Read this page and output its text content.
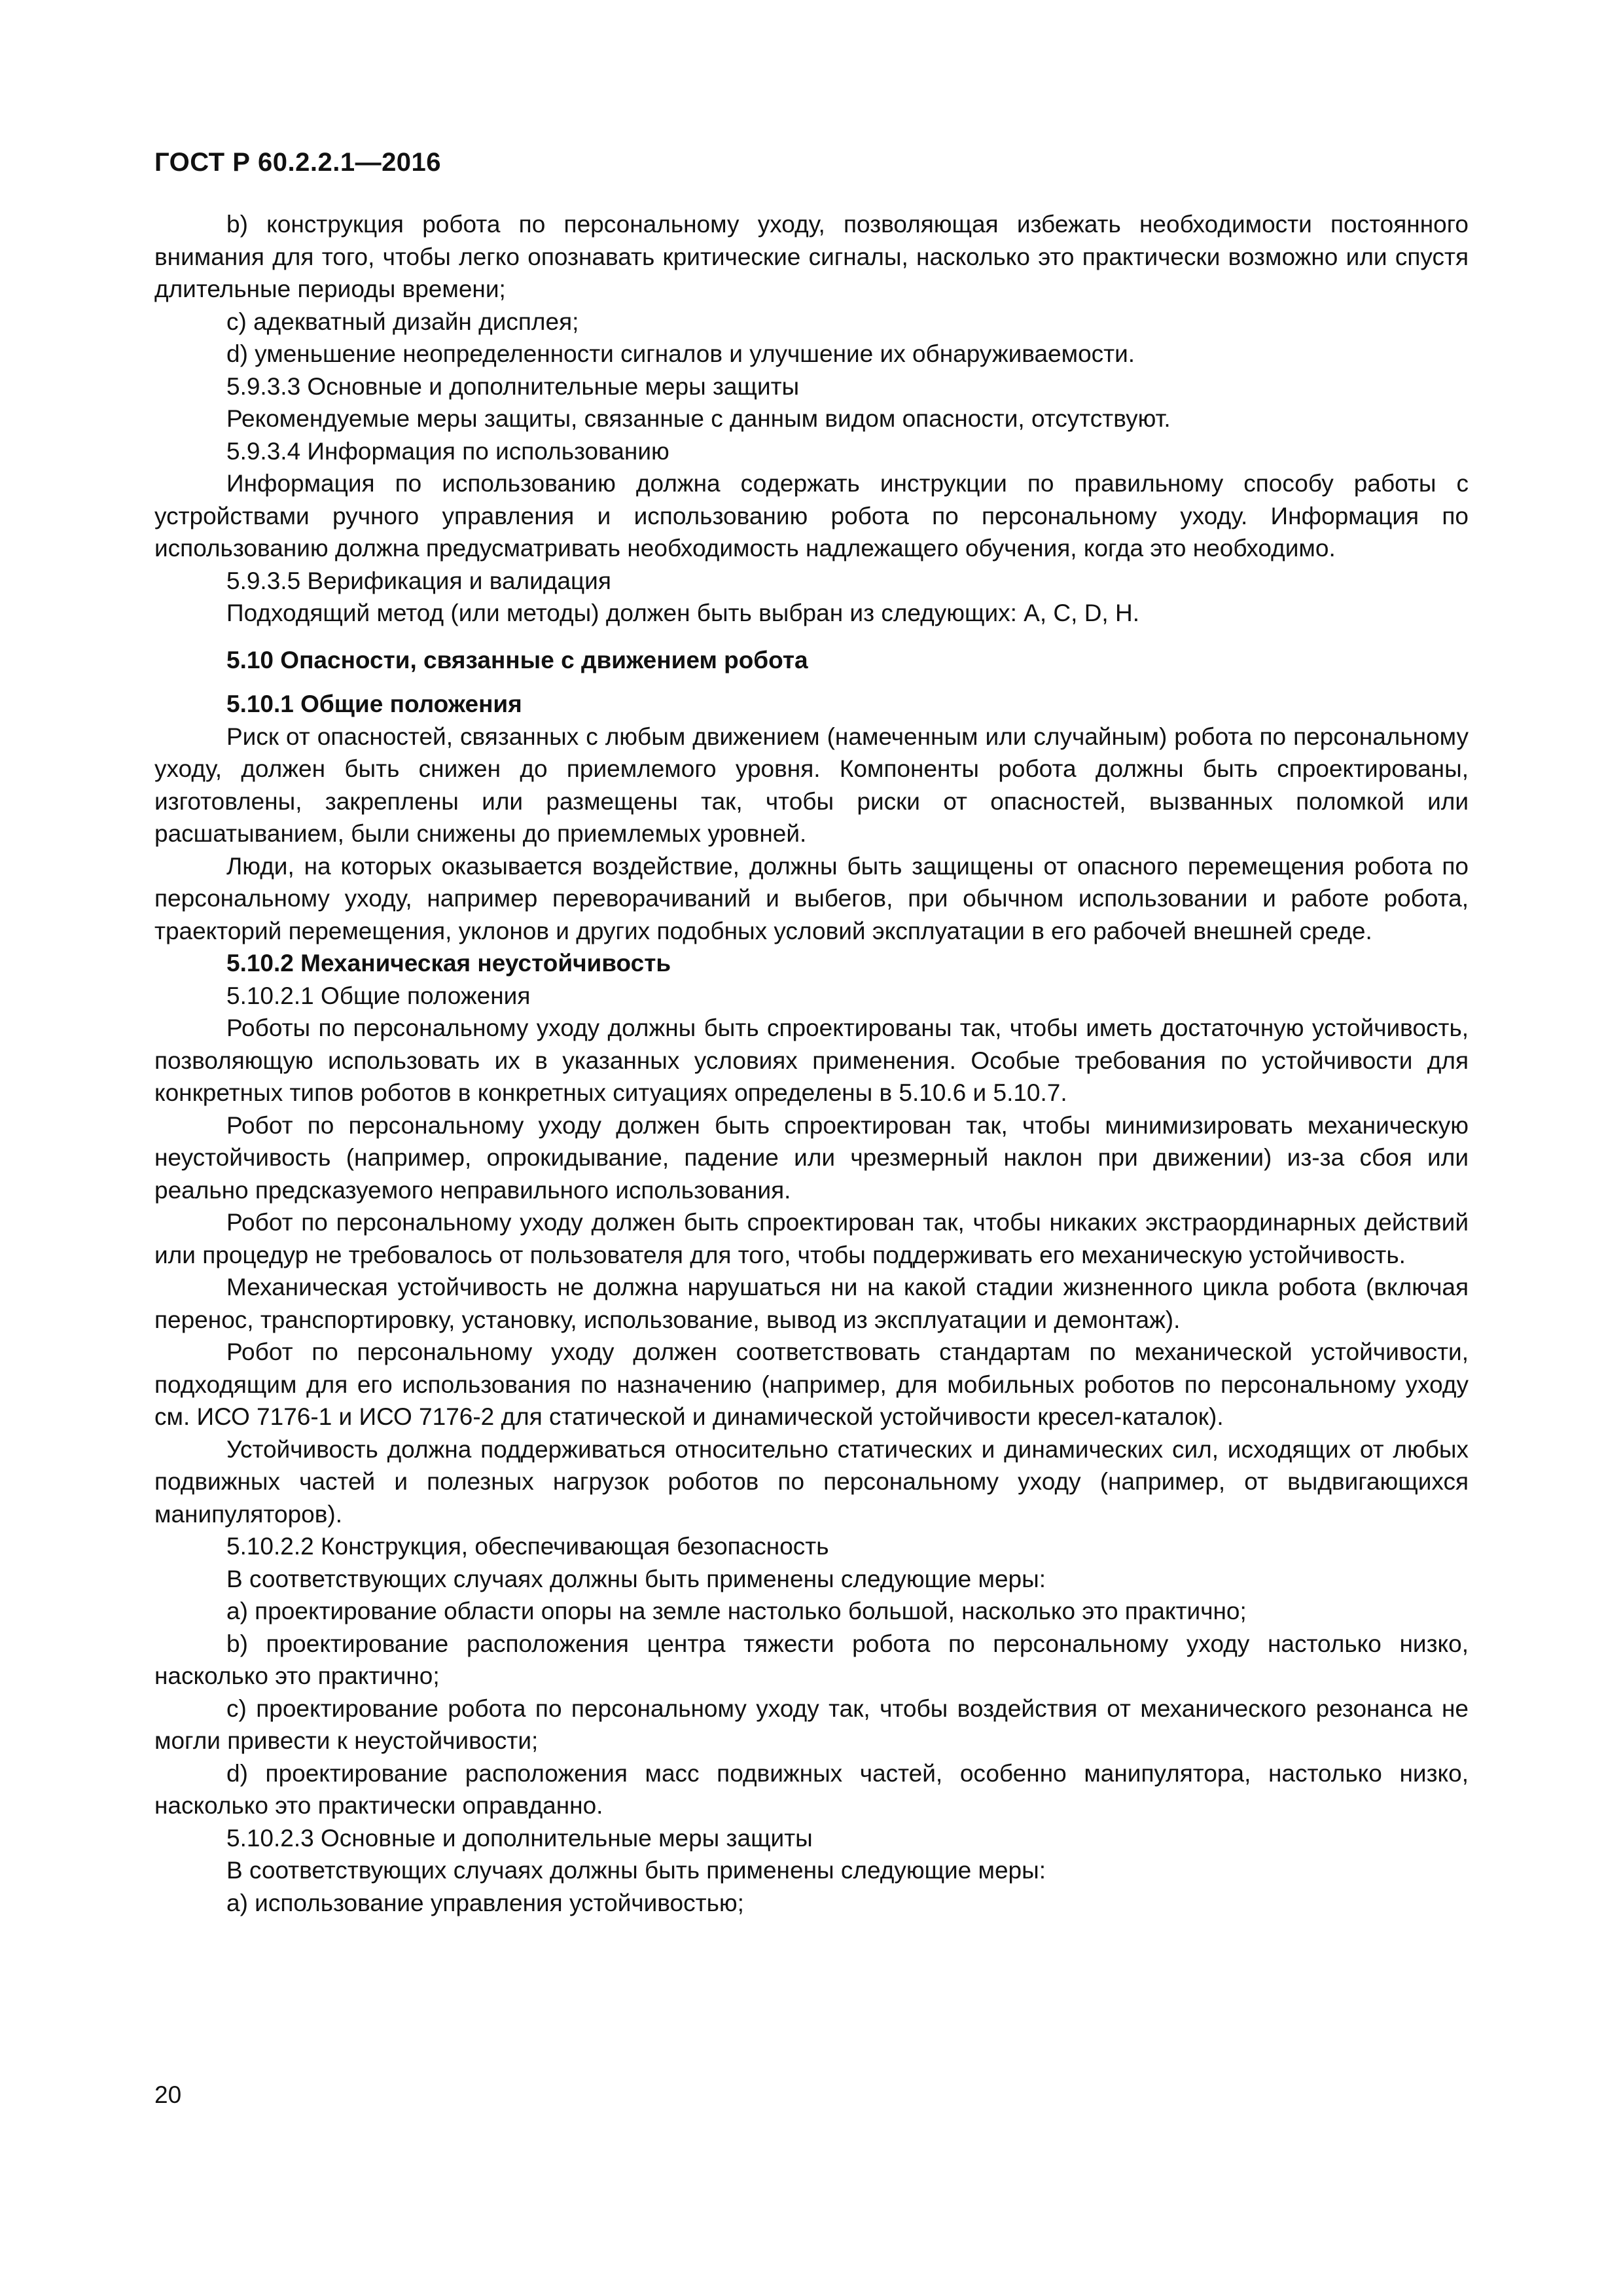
ГОСТ Р 60.2.2.1—2016

b) конструкция робота по персональному уходу, позволяющая избежать необходимости постоянного внимания для того, чтобы легко опознавать критические сигналы, насколько это практически возможно или спустя длительные периоды времени;

c) адекватный дизайн дисплея;

d) уменьшение неопределенности сигналов и улучшение их обнаруживаемости.

5.9.3.3 Основные и дополнительные меры защиты

Рекомендуемые меры защиты, связанные с данным видом опасности, отсутствуют.

5.9.3.4 Информация по использованию

Информация по использованию должна содержать инструкции по правильному способу работы с устройствами ручного управления и использованию робота по персональному уходу. Информация по использованию должна предусматривать необходимость надлежащего обучения, когда это необходимо.

5.9.3.5 Верификация и валидация

Подходящий метод (или методы) должен быть выбран из следующих: A, C, D, H.

5.10 Опасности, связанные с движением робота

5.10.1 Общие положения

Риск от опасностей, связанных с любым движением (намеченным или случайным) робота по персональному уходу, должен быть снижен до приемлемого уровня. Компоненты робота должны быть спроектированы, изготовлены, закреплены или размещены так, чтобы риски от опасностей, вызванных поломкой или расшатыванием, были снижены до приемлемых уровней.

Люди, на которых оказывается воздействие, должны быть защищены от опасного перемещения робота по персональному уходу, например переворачиваний и выбегов, при обычном использовании и работе робота, траекторий перемещения, уклонов и других подобных условий эксплуатации в его рабочей внешней среде.

5.10.2 Механическая неустойчивость

5.10.2.1 Общие положения

Роботы по персональному уходу должны быть спроектированы так, чтобы иметь достаточную устойчивость, позволяющую использовать их в указанных условиях применения. Особые требования по устойчивости для конкретных типов роботов в конкретных ситуациях определены в 5.10.6 и 5.10.7.

Робот по персональному уходу должен быть спроектирован так, чтобы минимизировать механическую неустойчивость (например, опрокидывание, падение или чрезмерный наклон при движении) из-за сбоя или реально предсказуемого неправильного использования.

Робот по персональному уходу должен быть спроектирован так, чтобы никаких экстраординарных действий или процедур не требовалось от пользователя для того, чтобы поддерживать его механическую устойчивость.

Механическая устойчивость не должна нарушаться ни на какой стадии жизненного цикла робота (включая перенос, транспортировку, установку, использование, вывод из эксплуатации и демонтаж).

Робот по персональному уходу должен соответствовать стандартам по механической устойчивости, подходящим для его использования по назначению (например, для мобильных роботов по персональному уходу см. ИСО 7176-1 и ИСО 7176-2 для статической и динамической устойчивости кресел-каталок).

Устойчивость должна поддерживаться относительно статических и динамических сил, исходящих от любых подвижных частей и полезных нагрузок роботов по персональному уходу (например, от выдвигающихся манипуляторов).

5.10.2.2 Конструкция, обеспечивающая безопасность

В соответствующих случаях должны быть применены следующие меры:

a) проектирование области опоры на земле настолько большой, насколько это практично;

b) проектирование расположения центра тяжести робота по персональному уходу настолько низко, насколько это практично;

c) проектирование робота по персональному уходу так, чтобы воздействия от механического резонанса не могли привести к неустойчивости;

d) проектирование расположения масс подвижных частей, особенно манипулятора, настолько низко, насколько это практически оправданно.

5.10.2.3 Основные и дополнительные меры защиты

В соответствующих случаях должны быть применены следующие меры:

a) использование управления устойчивостью;

20
